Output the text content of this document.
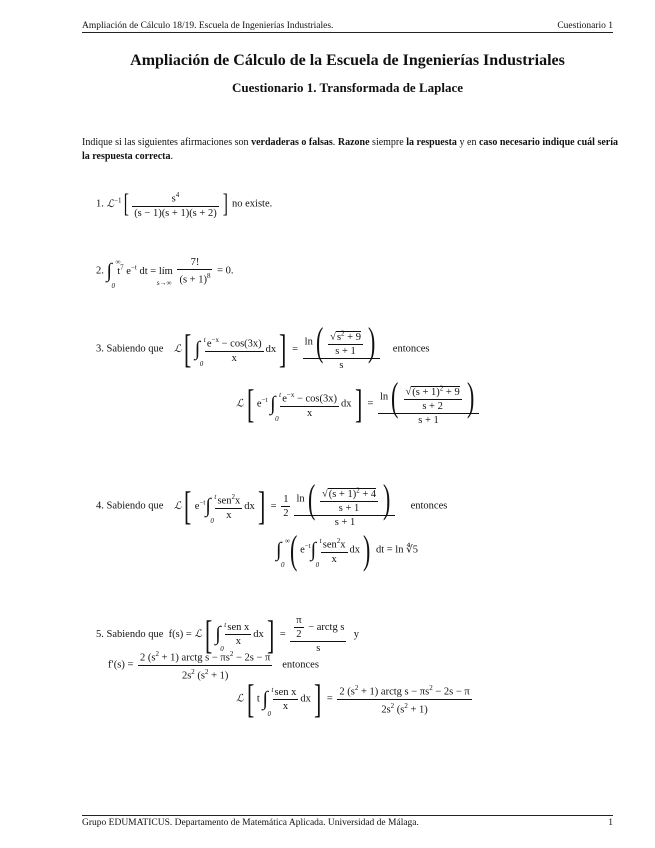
Ampliación de Cálculo 18/19. Escuela de Ingenierías Industriales.	Cuestionario 1
Ampliación de Cálculo de la Escuela de Ingenierías Industriales
Cuestionario 1. Transformada de Laplace
Indique si las siguientes afirmaciones son verdaderas o falsas. Razone siempre la respuesta y en caso necesario indique cuál sería la respuesta correcta.
1. ℒ$^{-1}$[ $\frac{s^4}{(s - 1)(s + 1)(s + 2)}$ ] no existe.
2. ∫ ∞
0
$t^7$ $e^{-t}$ dt = lím
s→∞
$\frac{7!}{(s + 1)^8} = 0$.
3. Sabiendo que ℒ[ ∫ t
0
$\frac{e^{-x} - \cos(3x)}{x} dx] = \frac{\ln( \frac{√s^2 + 9}{s + 1} )}{s}$ entonces
ℒ[ $e^{-t}$ ∫ t
0
$\frac{e^{-x} - \cos(3x)}{x} dx] = \frac{\ln( \frac{√(s + 1)^2 + 9}{s + 2} )}{s + 1}$
4. Sabiendo que ℒ[ $e^{-t}\int$ t
0
$\frac{sen^2x}{x} dx] = \frac{1}{2} \frac{\ln( \frac{√(s + 1)^2 + 4}{s + 1} )}{s + 1}$ entonces
∫ ∞
0 ( $e^{-t}\int$ t
0
$\frac{sen^2x}{x} dx$) dt = ln ∜5
5. Sabiendo que  f(s) = ℒ[ ∫ t
0

$\frac{\text{sen x}}{x} dx] = \frac{\frac{\pi}{2} - arctg s}{s}$ y
$f'(s) = \frac{2 (s^2 + 1) arctg s - \pi s^2 - 2s - \pi}{2s^2 (s^2 + 1)}$ entonces
ℒ[ t ∫ t
0

$\frac{\text{sen x}}{x} dx] = \frac{2 (s^2 + 1) arctg s - \pi s^2 - 2s - \pi}{2s^2 (s^2 + 1)}$
Grupo EDUMATICUS. Departamento de Matemática Aplicada. Universidad de Málaga.	1
